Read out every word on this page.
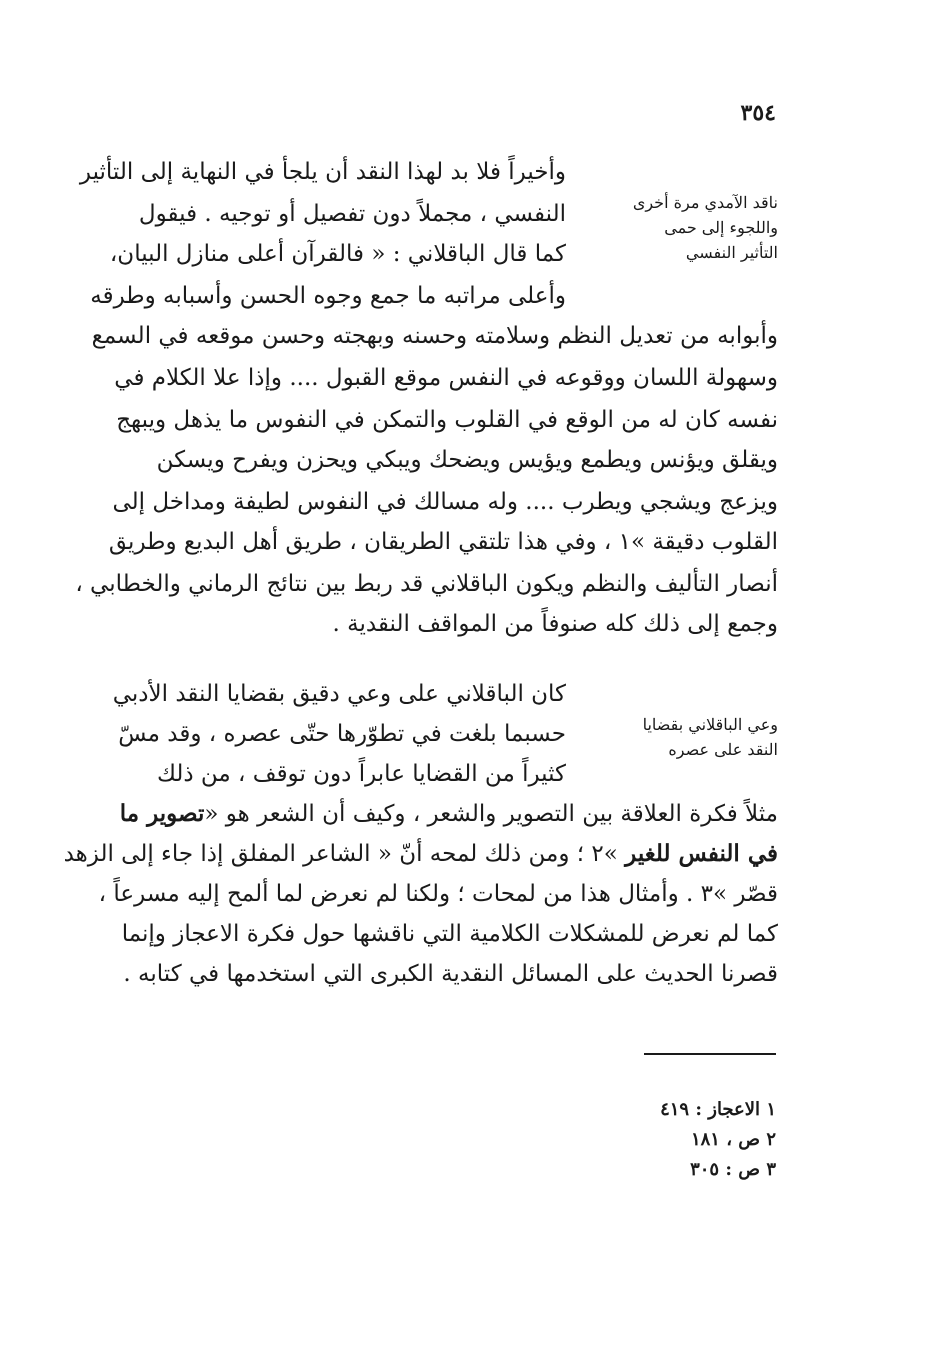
٣٥٤
ناقد الآمدي مرة أخرى
واللجوء إلى حمى
التأثير النفسي
وأخيراً فلا بد لهذا النقد أن يلجأ في النهاية إلى التأثير
النفسي ، مجملاً دون تفصيل أو توجيه . فيقول
كما قال الباقلاني : « فالقرآن أعلى منازل البيان،
وأعلى مراتبه ما جمع وجوه الحسن وأسبابه وطرقه
وأبوابه من تعديل النظم وسلامته وحسنه وبهجته وحسن موقعه في السمع
وسهولة اللسان ووقوعه في النفس موقع القبول .... وإذا علا الكلام في
نفسه كان له من الوقع في القلوب والتمكن في النفوس ما يذهل ويبهج
ويقلق ويؤنس ويطمع ويؤيس ويضحك ويبكي ويحزن ويفرح ويسكن
ويزعج ويشجي ويطرب .... وله مسالك في النفوس لطيفة ومداخل إلى
القلوب دقيقة »١ ، وفي هذا تلتقي الطريقان ، طريق أهل البديع وطريق
أنصار التأليف والنظم ويكون الباقلاني قد ربط بين نتائج الرماني والخطابي ،
وجمع إلى ذلك كله صنوفاً من المواقف النقدية .
وعي الباقلاني بقضايا
النقد على عصره
كان الباقلاني على وعي دقيق بقضايا النقد الأدبي
حسبما بلغت في تطوّرها حتّى عصره ، وقد مسّ
كثيراً من القضايا عابراً دون توقف ، من ذلك
مثلاً فكرة العلاقة بين التصوير والشعر ، وكيف أن الشعر هو «تصوير ما
في النفس للغير »٢ ؛ ومن ذلك لمحه أنّ « الشاعر المفلق إذا جاء إلى الزهد
قصّر »٣ . وأمثال هذا من لمحات ؛ ولكنا لم نعرض لما ألمح إليه مسرعاً ،
كما لم نعرض للمشكلات الكلامية التي ناقشها حول فكرة الاعجاز وإنما
قصرنا الحديث على المسائل النقدية الكبرى التي استخدمها في كتابه .
١ الاعجاز : ٤١٩
٢ ص ، ١٨١
٣ ص : ٣٠٥
